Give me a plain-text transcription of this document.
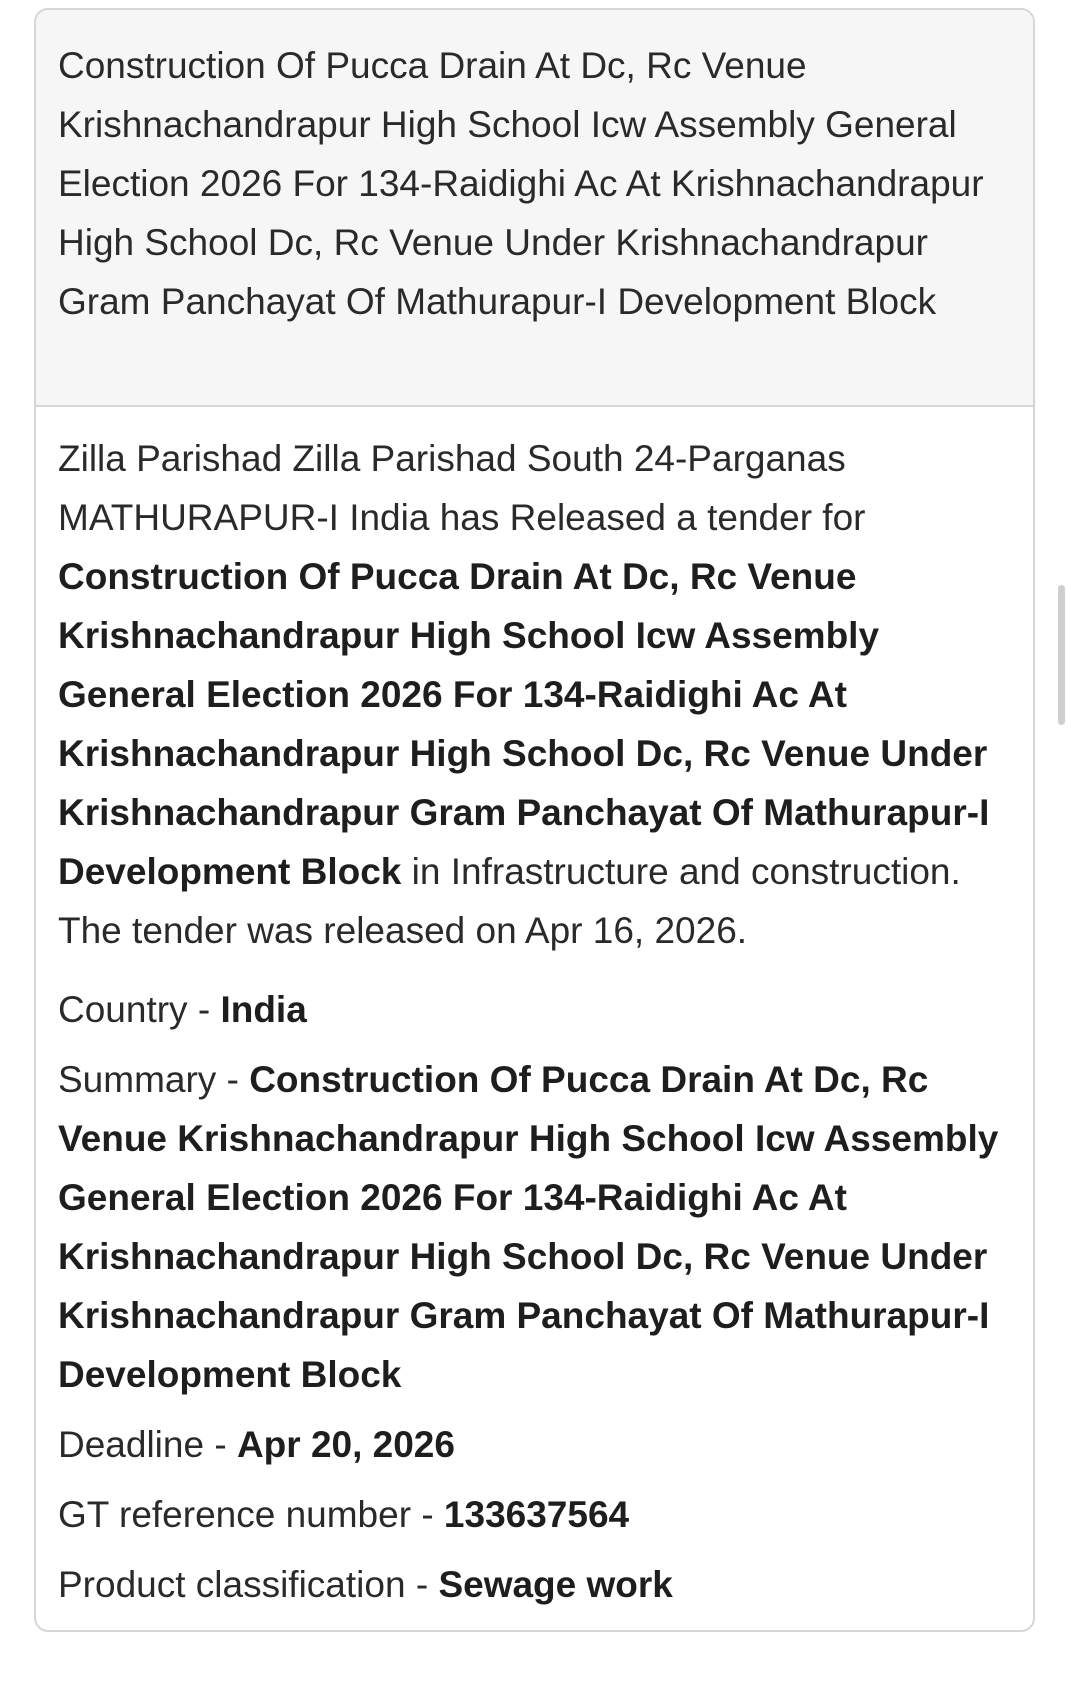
Construction Of Pucca Drain At Dc, Rc Venue Krishnachandrapur High School Icw Assembly General Election 2026 For 134-Raidighi Ac At Krishnachandrapur High School Dc, Rc Venue Under Krishnachandrapur Gram Panchayat Of Mathurapur-I Development Block

Zilla Parishad Zilla Parishad South 24-Parganas MATHURAPUR-I India has Released a tender for Construction Of Pucca Drain At Dc, Rc Venue Krishnachandrapur High School Icw Assembly General Election 2026 For 134-Raidighi Ac At Krishnachandrapur High School Dc, Rc Venue Under Krishnachandrapur Gram Panchayat Of Mathurapur-I Development Block in Infrastructure and construction.
The tender was released on Apr 16, 2026.

Country - India
Summary - Construction Of Pucca Drain At Dc, Rc Venue Krishnachandrapur High School Icw Assembly General Election 2026 For 134-Raidighi Ac At Krishnachandrapur High School Dc, Rc Venue Under Krishnachandrapur Gram Panchayat Of Mathurapur-I Development Block
Deadline - Apr 20, 2026
GT reference number - 133637564
Product classification - Sewage work
